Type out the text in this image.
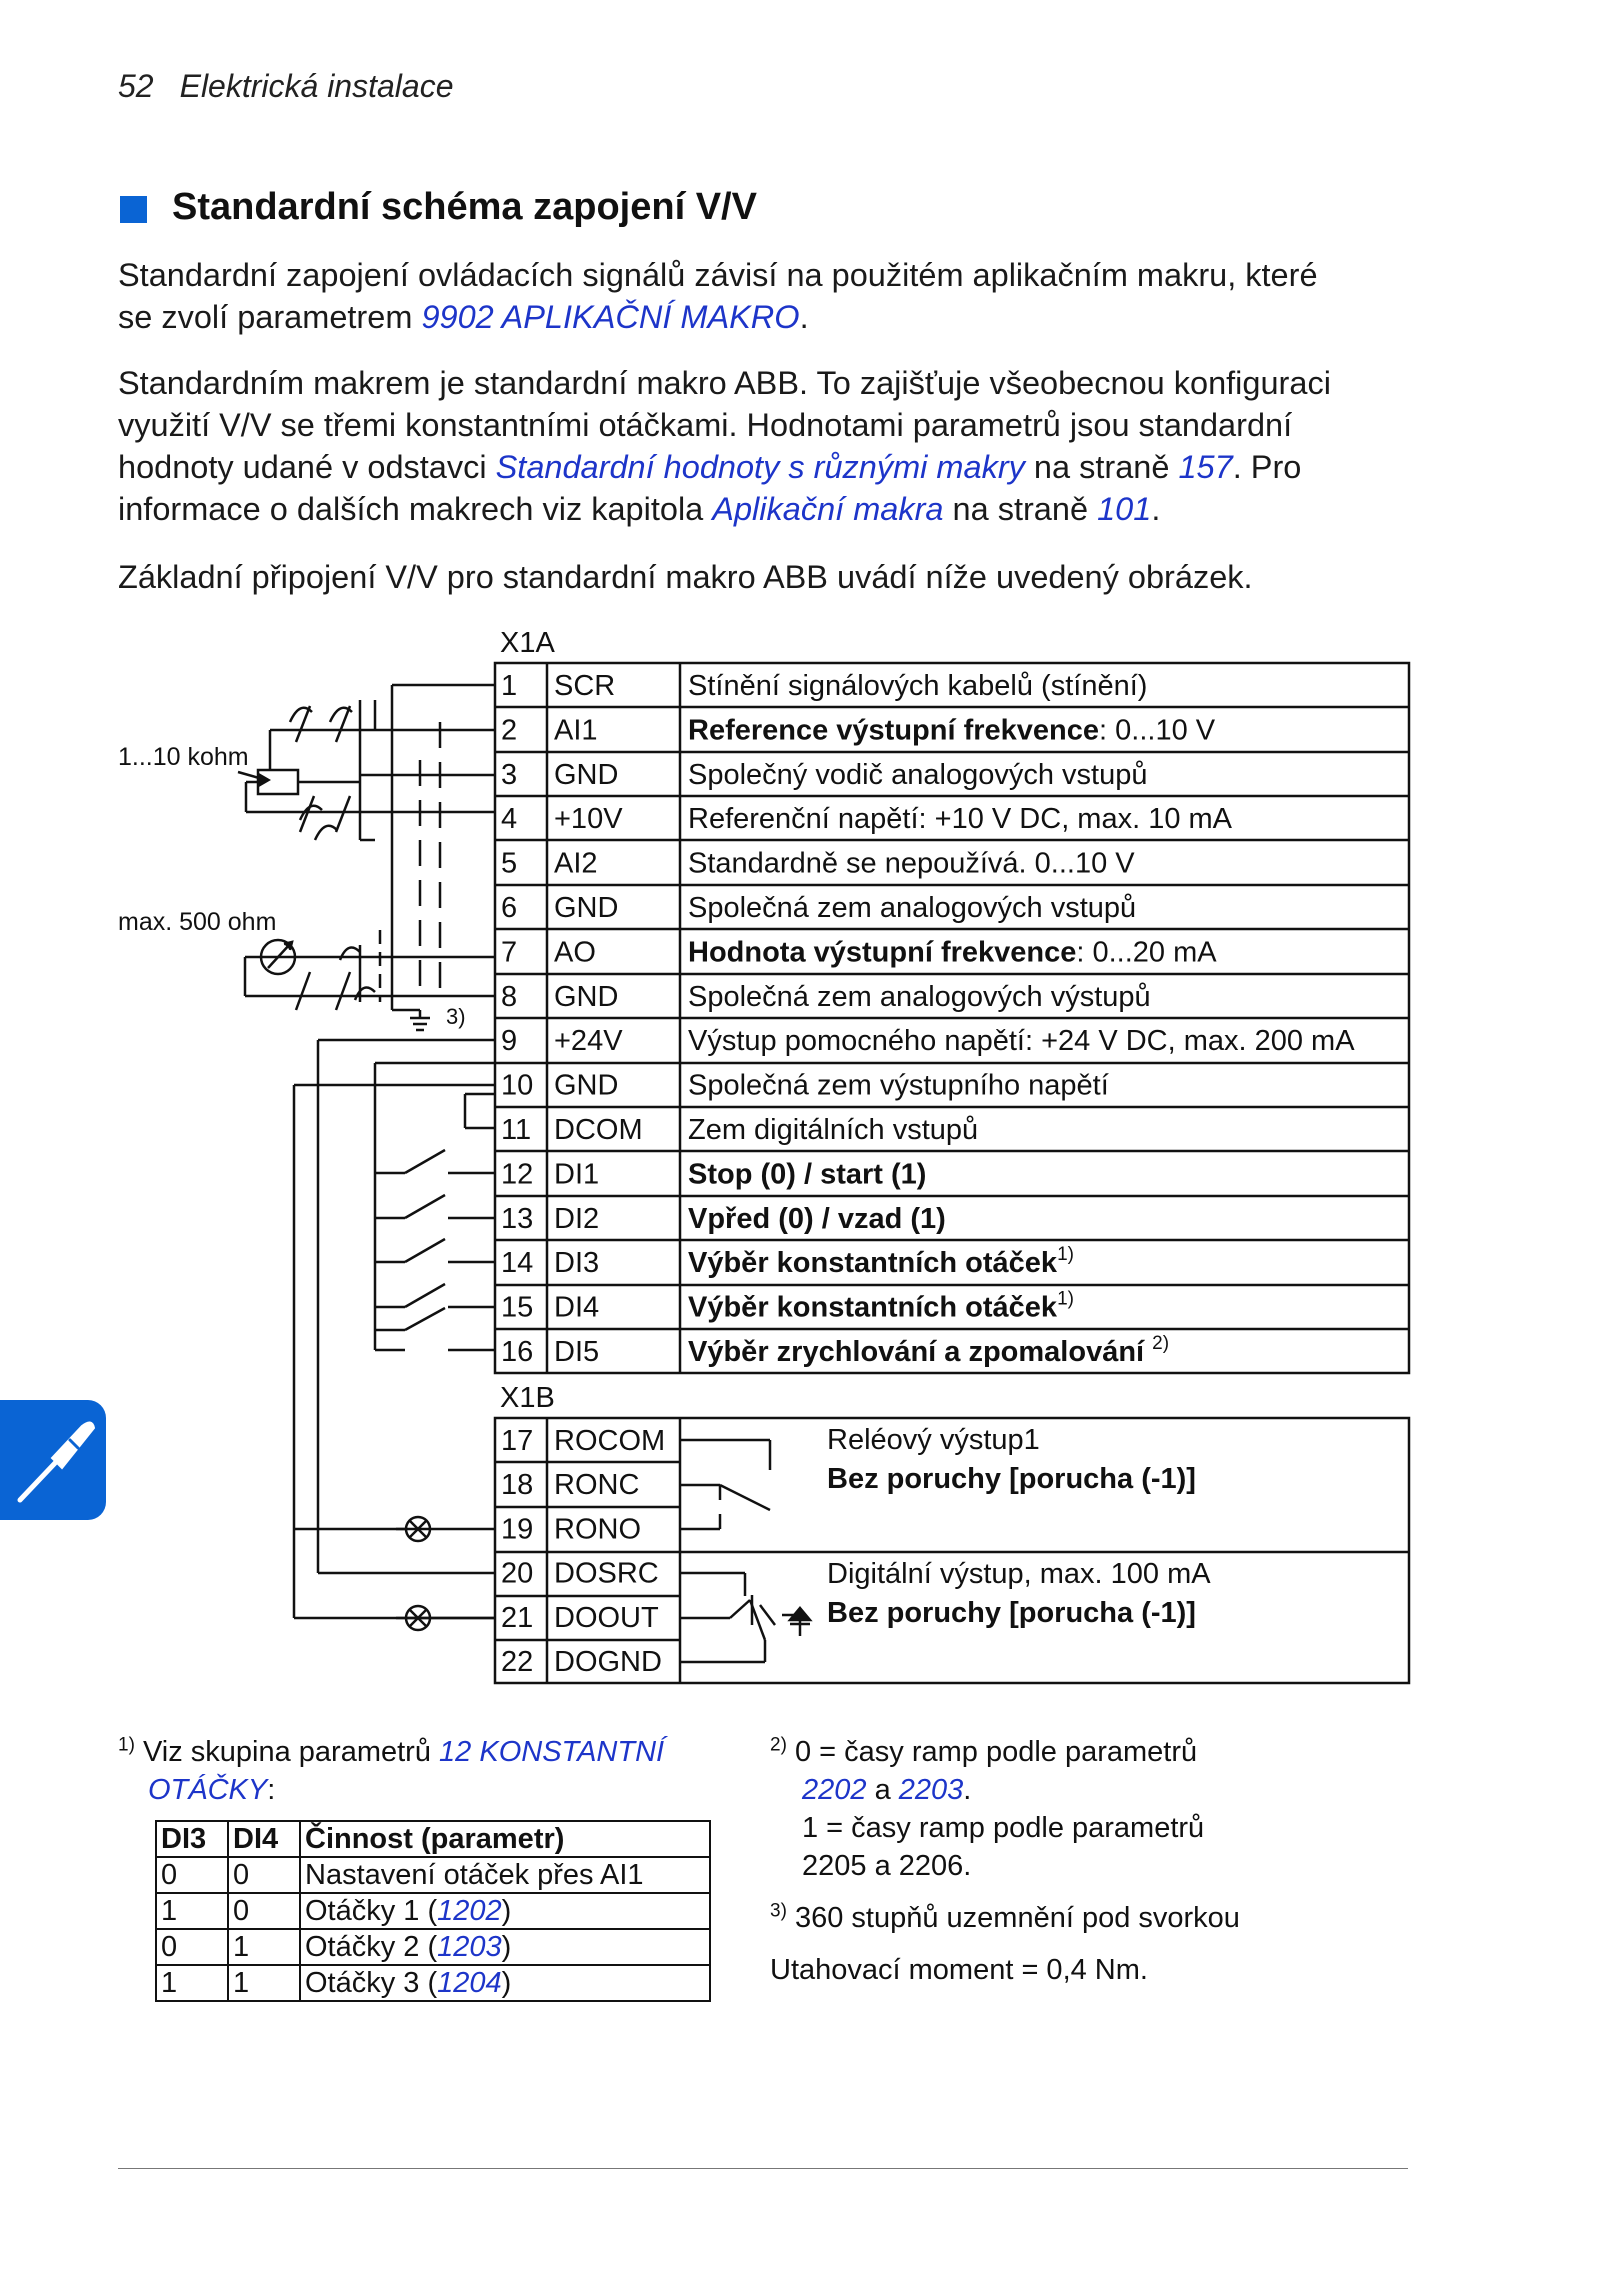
52 Elektrická instalace
Standardní schéma zapojení V/V
Standardní zapojení ovládacích signálů závisí na použitém aplikačním makru, které
se zvolí parametrem 9902 APLIKAČNÍ MAKRO.
Standardním makrem je standardní makro ABB. To zajišťuje všeobecnou konfiguraci
využití V/V se třemi konstantními otáčkami. Hodnotami parametrů jsou standardní
hodnoty udané v odstavci Standardní hodnoty s různými makry na straně 157. Pro
informace o dalších makrech viz kapitola Aplikační makra na straně 101.
Základní připojení V/V pro standardní makro ABB uvádí níže uvedený obrázek.
X1A
X1B
1...10 kohm
max. 500 ohm
3)
1 SCR	Stínění signálových kabelů (stínění)
2 AI1	Reference výstupní frekvence: 0...10 V
3 GND Společný vodič analogových vstupů
4 +10V Referenční napětí: +10 V DC, max. 10 mA
5 AI2	Standardně se nepoužívá. 0...10 V
6 GND Společná zem analogových vstupů
7 AO	Hodnota výstupní frekvence: 0...20 mA
8 GND Společná zem analogových výstupů
9 +24V Výstup pomocného napětí: +24 V DC, max. 200 mA
10 GND Společná zem výstupního napětí
11 DCOM Zem digitálních vstupů
12 DI1	Stop (0) / start (1)
13 DI2	Vpřed (0) / vzad (1)
14 DI3	Výběr konstantních otáček$^{1)}$
15 DI4	Výběr konstantních otáček$^{1)}$
16 DI5	Výběr zrychlování a zpomalování $^{2)}$
17 ROCOM
18 RONC
19 RONO
20 DOSRC
21 DOOUT
22 DOGND
Reléový výstup1
Bez poruchy [porucha (-1)]
Digitální výstup, max. 100 mA
Bez poruchy [porucha (-1)]
$^{1)}$ Viz skupina parametrů 12 KONSTANTNÍ
OTÁČKY:
DI3	DI4	Činnost (parametr)
0	0	Nastavení otáček přes AI1
1	0	Otáčky 1 (1202)
0	1	Otáčky 2 (1203)
1	1	Otáčky 3 (1204)
$^{2)}$ 0 = časy ramp podle parametrů
2202 a 2203.
1 = časy ramp podle parametrů
2205 a 2206.
$^{3)}$ 360 stupňů uzemnění pod svorkou
Utahovací moment = 0,4 Nm.
